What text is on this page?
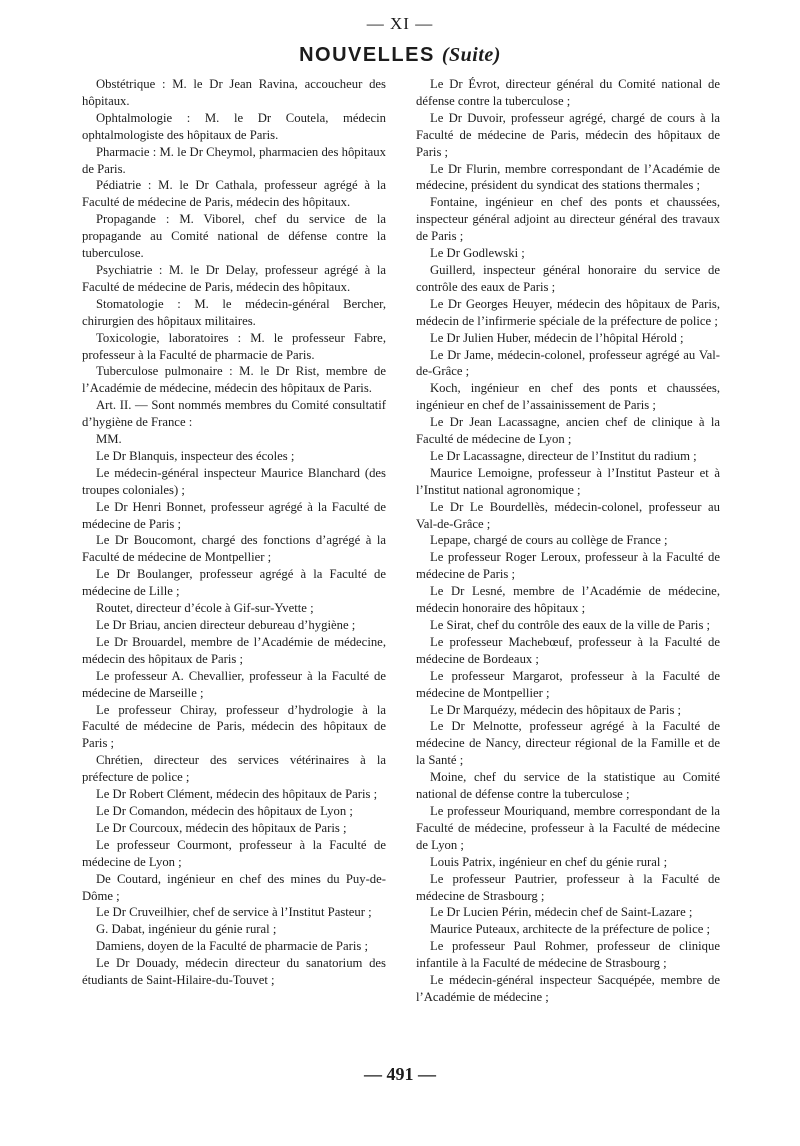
— XI —
NOUVELLES (Suite)

Obstétrique : M. le Dr Jean Ravina, accoucheur des hôpitaux.

Ophtalmologie : M. le Dr Coutela, médecin ophtalmologiste des hôpitaux de Paris.

Pharmacie : M. le Dr Cheymol, pharmacien des hôpitaux de Paris.

Pédiatrie : M. le Dr Cathala, professeur agrégé à la Faculté de médecine de Paris, médecin des hôpitaux.

Propagande : M. Viborel, chef du service de la propagande au Comité national de défense contre la tuberculose.

Psychiatrie : M. le Dr Delay, professeur agrégé à la Faculté de médecine de Paris, médecin des hôpitaux.

Stomatologie : M. le médecin-général Bercher, chirurgien des hôpitaux militaires.

Toxicologie, laboratoires : M. le professeur Fabre, professeur à la Faculté de pharmacie de Paris.

Tuberculose pulmonaire : M. le Dr Rist, membre de l’Académie de médecine, médecin des hôpitaux de Paris.

Art. II. — Sont nommés membres du Comité consultatif d’hygiène de France :

MM.

Le Dr Blanquis, inspecteur des écoles ;

Le médecin-général inspecteur Maurice Blanchard (des troupes coloniales) ;

Le Dr Henri Bonnet, professeur agrégé à la Faculté de médecine de Paris ;

Le Dr Boucomont, chargé des fonctions d’agrégé à la Faculté de médecine de Montpellier ;

Le Dr Boulanger, professeur agrégé à la Faculté de médecine de Lille ;

Routet, directeur d’école à Gif-sur-Yvette ;

Le Dr Briau, ancien directeur debureau d’hygiène ;

Le Dr Brouardel, membre de l’Académie de médecine, médecin des hôpitaux de Paris ;

Le professeur A. Chevallier, professeur à la Faculté de médecine de Marseille ;

Le professeur Chiray, professeur d’hydrologie à la Faculté de médecine de Paris, médecin des hôpitaux de Paris ;

Chrétien, directeur des services vétérinaires à la préfecture de police ;

Le Dr Robert Clément, médecin des hôpitaux de Paris ;

Le Dr Comandon, médecin des hôpitaux de Lyon ;

Le Dr Courcoux, médecin des hôpitaux de Paris ;

Le professeur Courmont, professeur à la Faculté de médecine de Lyon ;

De Coutard, ingénieur en chef des mines du Puy-de-Dôme ;

Le Dr Cruveilhier, chef de service à l’Institut Pasteur ;

G. Dabat, ingénieur du génie rural ;

Damiens, doyen de la Faculté de pharmacie de Paris ;

Le Dr Douady, médecin directeur du sanatorium des étudiants de Saint-Hilaire-du-Touvet ;

Le Dr Évrot, directeur général du Comité national de défense contre la tuberculose ;

Le Dr Duvoir, professeur agrégé, chargé de cours à la Faculté de médecine de Paris, médecin des hôpitaux de Paris ;

Le Dr Flurin, membre correspondant de l’Académie de médecine, président du syndicat des stations thermales ;

Fontaine, ingénieur en chef des ponts et chaussées, inspecteur général adjoint au directeur général des travaux de Paris ;

Le Dr Godlewski ;

Guillerd, inspecteur général honoraire du service de contrôle des eaux de Paris ;

Le Dr Georges Heuyer, médecin des hôpitaux de Paris, médecin de l’infirmerie spéciale de la préfecture de police ;

Le Dr Julien Huber, médecin de l’hôpital Hérold ;

Le Dr Jame, médecin-colonel, professeur agrégé au Val-de-Grâce ;

Koch, ingénieur en chef des ponts et chaussées, ingénieur en chef de l’assainissement de Paris ;

Le Dr Jean Lacassagne, ancien chef de clinique à la Faculté de médecine de Lyon ;

Le Dr Lacassagne, directeur de l’Institut du radium ;

Maurice Lemoigne, professeur à l’Institut Pasteur et à l’Institut national agronomique ;

Le Dr Le Bourdellès, médecin-colonel, professeur au Val-de-Grâce ;

Lepape, chargé de cours au collège de France ;

Le professeur Roger Leroux, professeur à la Faculté de médecine de Paris ;

Le Dr Lesné, membre de l’Académie de médecine, médecin honoraire des hôpitaux ;

Le Sirat, chef du contrôle des eaux de la ville de Paris ;

Le professeur Machebœuf, professeur à la Faculté de médecine de Bordeaux ;

Le professeur Margarot, professeur à la Faculté de médecine de Montpellier ;

Le Dr Marquézy, médecin des hôpitaux de Paris ;

Le Dr Melnotte, professeur agrégé à la Faculté de médecine de Nancy, directeur régional de la Famille et de la Santé ;

Moine, chef du service de la statistique au Comité national de défense contre la tuberculose ;

Le professeur Mouriquand, membre correspondant de la Faculté de médecine, professeur à la Faculté de médecine de Lyon ;

Louis Patrix, ingénieur en chef du génie rural ;

Le professeur Pautrier, professeur à la Faculté de médecine de Strasbourg ;

Le Dr Lucien Périn, médecin chef de Saint-Lazare ;

Maurice Puteaux, architecte de la préfecture de police ;

Le professeur Paul Rohmer, professeur de clinique infantile à la Faculté de médecine de Strasbourg ;

Le médecin-général inspecteur Sacquépée, membre de l’Académie de médecine ;

— 491 —
